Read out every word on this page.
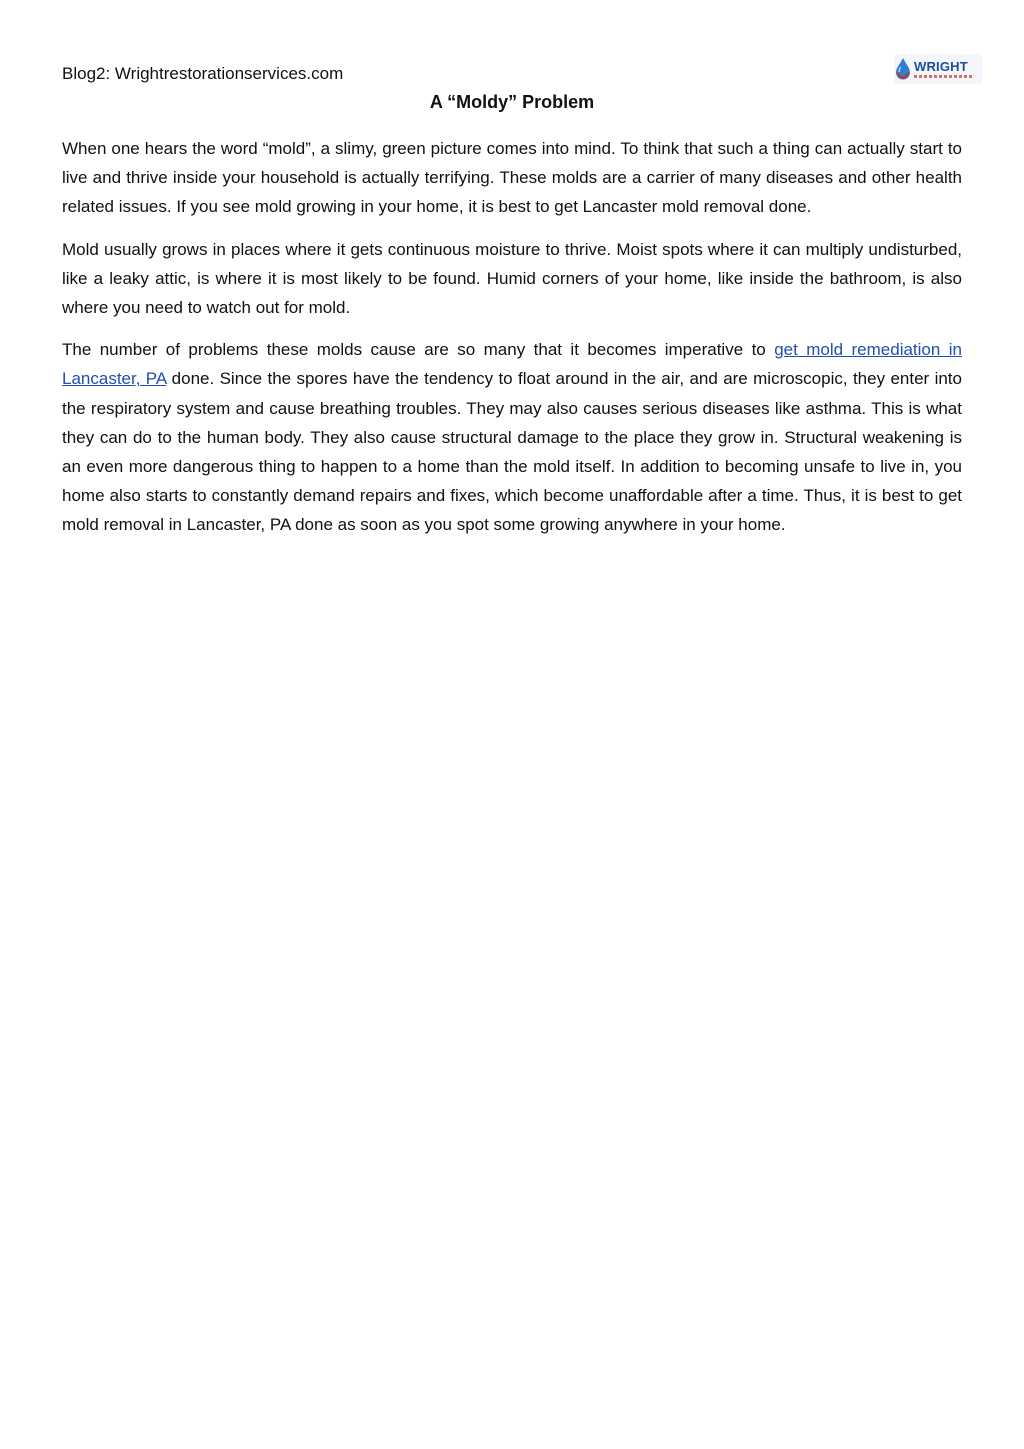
Blog2: Wrightrestorationservices.com	WRIGHT
A “Moldy” Problem

When one hears the word “mold”, a slimy, green picture comes into mind. To think that such a thing can actually start to live and thrive inside your household is actually terrifying. These molds are a carrier of many diseases and other health related issues. If you see mold growing in your home, it is best to get Lancaster mold removal done.

Mold usually grows in places where it gets continuous moisture to thrive. Moist spots where it can multiply undisturbed, like a leaky attic, is where it is most likely to be found. Humid corners of your home, like inside the bathroom, is also where you need to watch out for mold.

The number of problems these molds cause are so many that it becomes imperative to get mold remediation in Lancaster, PA done. Since the spores have the tendency to float around in the air, and are microscopic, they enter into the respiratory system and cause breathing troubles. They may also causes serious diseases like asthma. This is what they can do to the human body. They also cause structural damage to the place they grow in. Structural weakening is an even more dangerous thing to happen to a home than the mold itself. In addition to becoming unsafe to live in, you home also starts to constantly demand repairs and fixes, which become unaffordable after a time. Thus, it is best to get mold removal in Lancaster, PA done as soon as you spot some growing anywhere in your home.
